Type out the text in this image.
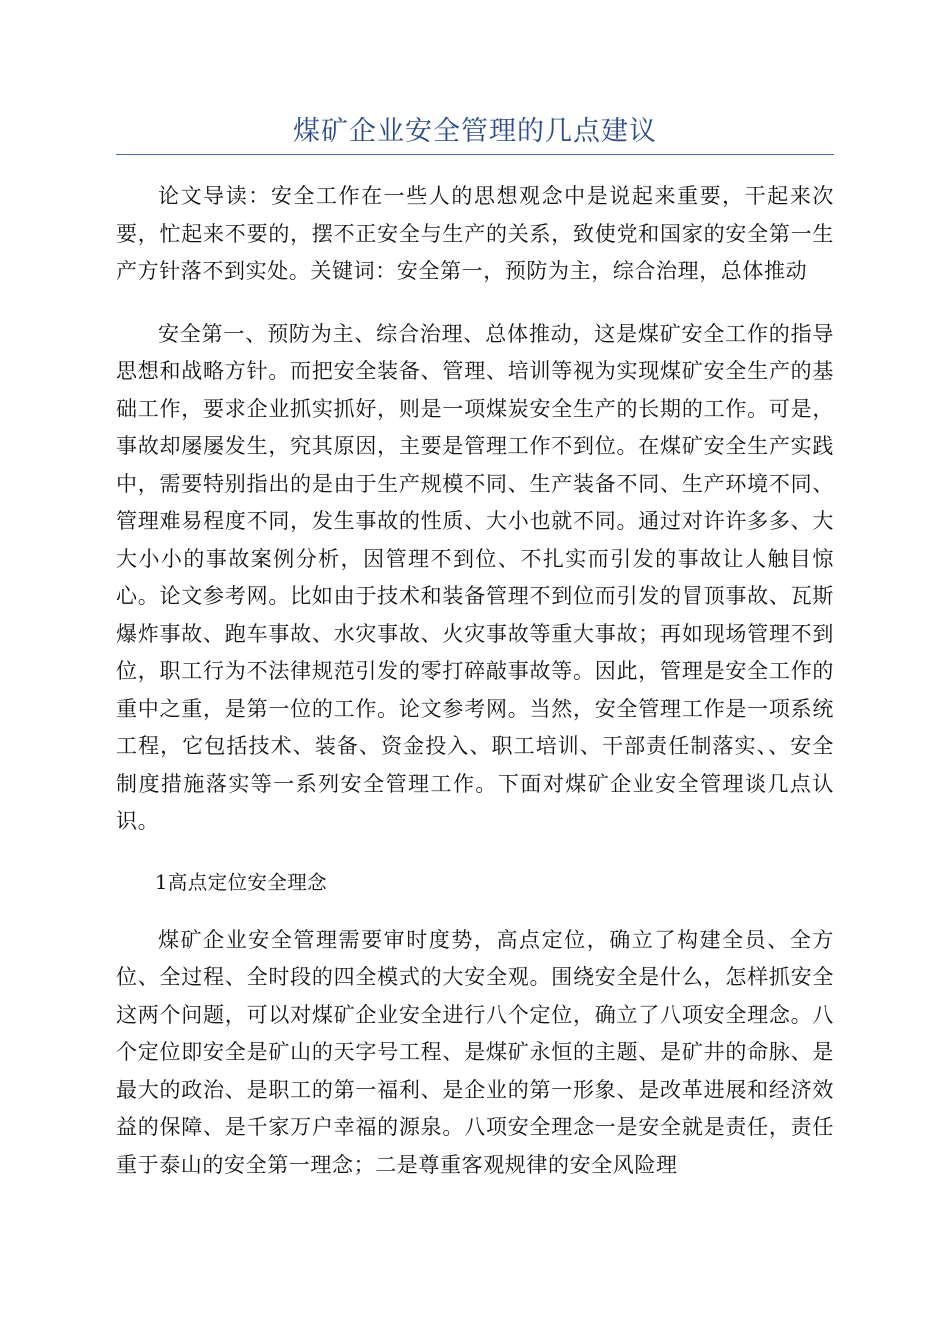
煤矿企业安全管理的几点建议

论文导读：安全工作在一些人的思想观念中是说起来重要，干起来次要，忙起来不要的，摆不正安全与生产的关系，致使党和国家的安全第一生产方针落不到实处。关键词：安全第一，预防为主，综合治理，总体推动

安全第一、预防为主、综合治理、总体推动，这是煤矿安全工作的指导思想和战略方针。而把安全装备、管理、培训等视为实现煤矿安全生产的基础工作，要求企业抓实抓好，则是一项煤炭安全生产的长期的工作。可是，事故却屡屡发生，究其原因，主要是管理工作不到位。在煤矿安全生产实践中，需要特别指出的是由于生产规模不同、生产装备不同、生产环境不同、管理难易程度不同，发生事故的性质、大小也就不同。通过对许许多多、大大小小的事故案例分析，因管理不到位、不扎实而引发的事故让人触目惊心。论文参考网。比如由于技术和装备管理不到位而引发的冒顶事故、瓦斯爆炸事故、跑车事故、水灾事故、火灾事故等重大事故；再如现场管理不到位，职工行为不法律规范引发的零打碎敲事故等。因此，管理是安全工作的重中之重，是第一位的工作。论文参考网。当然，安全管理工作是一项系统工程，它包括技术、装备、资金投入、职工培训、干部责任制落实、、安全制度措施落实等一系列安全管理工作。下面对煤矿企业安全管理谈几点认识。

1高点定位安全理念

煤矿企业安全管理需要审时度势，高点定位，确立了构建全员、全方位、全过程、全时段的四全模式的大安全观。围绕安全是什么，怎样抓安全这两个问题，可以对煤矿企业安全进行八个定位，确立了八项安全理念。八个定位即安全是矿山的天字号工程、是煤矿永恒的主题、是矿井的命脉、是最大的政治、是职工的第一福利、是企业的第一形象、是改革进展和经济效益的保障、是千家万户幸福的源泉。八项安全理念一是安全就是责任，责任重于泰山的安全第一理念；二是尊重客观规律的安全风险理
